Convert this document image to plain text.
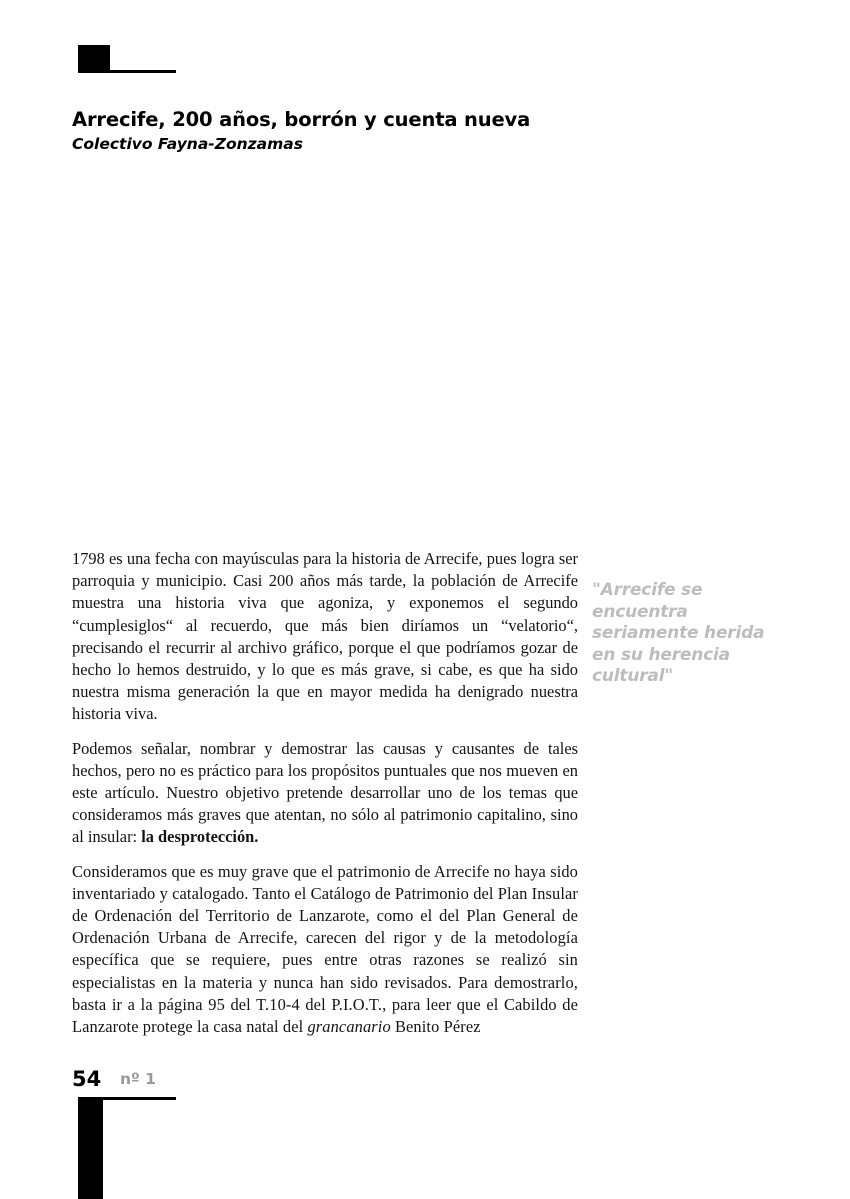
Arrecife, 200 años, borrón y cuenta nueva
Colectivo Fayna-Zonzamas

1798 es una fecha con mayúsculas para la historia de Arrecife, pues logra ser parroquia y municipio. Casi 200 años más tarde, la población de Arrecife muestra una historia viva que agoniza, y exponemos el segundo “cumplesiglos“ al recuerdo, que más bien diríamos un “velatorio“, precisando el recurrir al archivo gráfico, porque el que podríamos gozar de hecho lo hemos destruido, y lo que es más grave, si cabe, es que ha sido nuestra misma generación la que en mayor medida ha denigrado nuestra historia viva.

Podemos señalar, nombrar y demostrar las causas y causantes de tales hechos, pero no es práctico para los propósitos puntuales que nos mueven en este artículo. Nuestro objetivo pretende desarrollar uno de los temas que consideramos más graves que atentan, no sólo al patrimonio capitalino, sino al insular: la desprotección.

Consideramos que es muy grave que el patrimonio de Arrecife no haya sido inventariado y catalogado. Tanto el Catálogo de Patrimonio del Plan Insular de Ordenación del Territorio de Lanzarote, como el del Plan General de Ordenación Urbana de Arrecife, carecen del rigor y de la metodología específica que se requiere, pues entre otras razones se realizó sin especialistas en la materia y nunca han sido revisados. Para demostrarlo, basta ir a la página 95 del T.10-4 del P.I.O.T., para leer que el Cabildo de Lanzarote protege la casa natal del grancanario Benito Pérez

"Arrecife se encuentra seriamente herida en su herencia cultural"
54 nº 1
